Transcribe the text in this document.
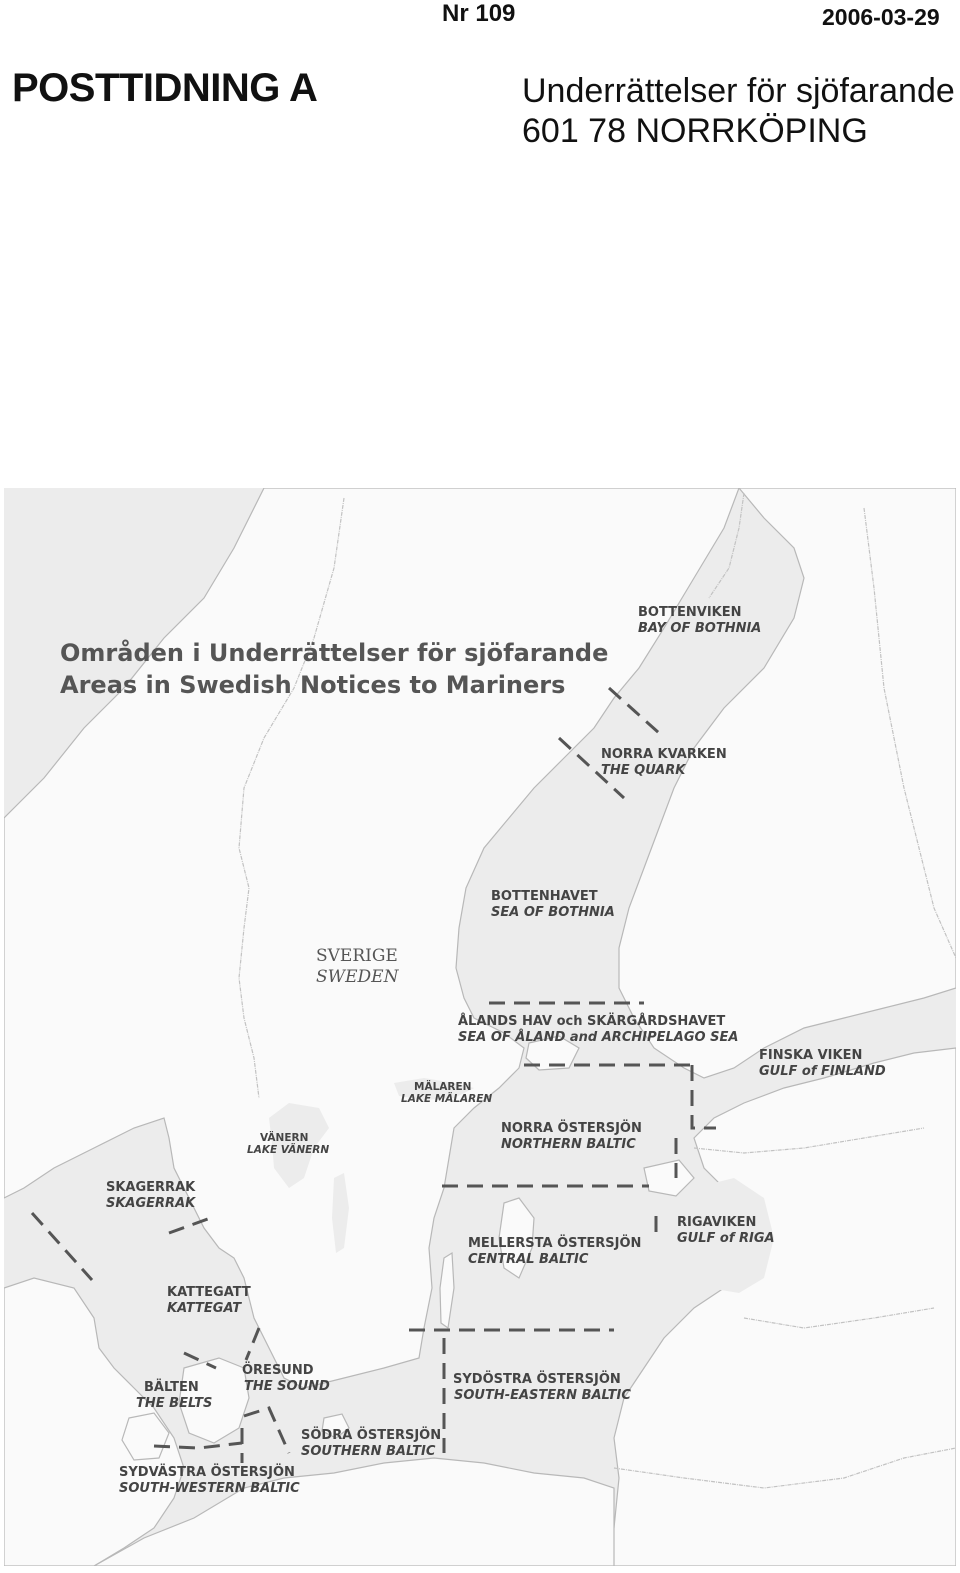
Nr 109	2006-03-29
POSTTIDNING A	Underrättelser för sjöfarande
601 78 NORRKÖPING
Områden i Underrättelser för sjöfarande
Areas in Swedish Notices to Mariners
SVERIGE
SWEDEN
BOTTENVIKEN
BAY OF BOTHNIA
NORRA KVARKEN
THE QUARK
BOTTENHAVET
SEA OF BOTHNIA
ÅLANDS HAV och SKÄRGÅRDSHAVET
SEA OF ÅLAND and ARCHIPELAGO SEA
FINSKA VIKEN
GULF of FINLAND
MÄLAREN
LAKE MÄLAREN
NORRA ÖSTERSJÖN
NORTHERN BALTIC
VÄNERN
LAKE VÄNERN
SKAGERRAK
SKAGERRAK
RIGAVIKEN
GULF of RIGA
MELLERSTA ÖSTERSJÖN
CENTRAL BALTIC
KATTEGATT
KATTEGAT
ÖRESUND
THE SOUND
BÄLTEN
THE BELTS
SYDÖSTRA ÖSTERSJÖN
SOUTH-EASTERN BALTIC
SÖDRA ÖSTERSJÖN
SOUTHERN BALTIC
SYDVÄSTRA ÖSTERSJÖN
SOUTH-WESTERN BALTIC
